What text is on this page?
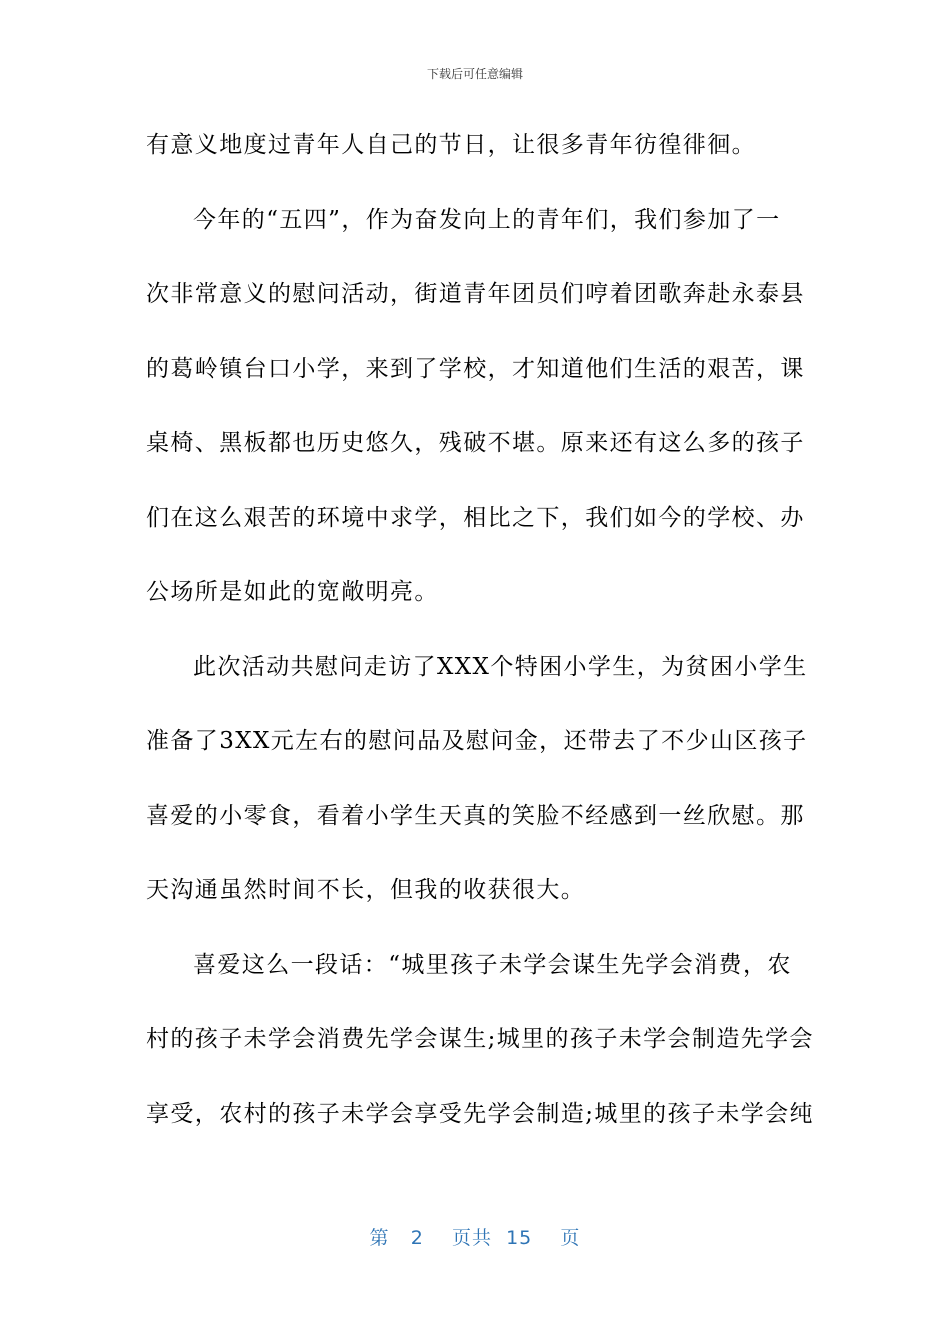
下载后可任意编辑
有意义地度过青年人自己的节日，让很多青年彷徨徘徊。
今年的“五四”，作为奋发向上的青年们，我们参加了一
次非常意义的慰问活动，街道青年团员们哼着团歌奔赴永泰县
的葛岭镇台口小学，来到了学校，才知道他们生活的艰苦，课
桌椅、黑板都也历史悠久，残破不堪。原来还有这么多的孩子
们在这么艰苦的环境中求学，相比之下，我们如今的学校、办
公场所是如此的宽敞明亮。
此次活动共慰问走访了XXX个特困小学生，为贫困小学生
准备了3XX元左右的慰问品及慰问金，还带去了不少山区孩子
喜爱的小零食，看着小学生天真的笑脸不经感到一丝欣慰。那
天沟通虽然时间不长，但我的收获很大。
喜爱这么一段话：“城里孩子未学会谋生先学会消费，农
村的孩子未学会消费先学会谋生;城里的孩子未学会制造先学会
享受，农村的孩子未学会享受先学会制造;城里的孩子未学会纯
第 2 页共 15 页
